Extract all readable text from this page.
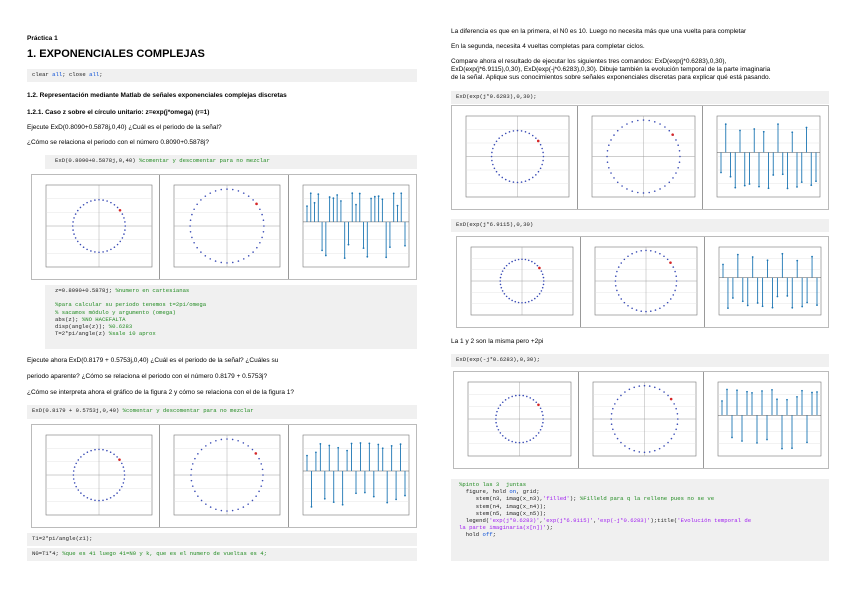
Práctica 1
1. EXPONENCIALES COMPLEJAS
clear all; close all;
1.2. Representación mediante Matlab de señales exponenciales complejas discretas
1.2.1. Caso z sobre el círculo unitario: z=exp(j*omega) (r=1)
Ejecute ExD(0.8090+0.5878j,0,40) ¿Cuál es el periodo de la señal?
¿Cómo se relaciona el periodo con el número 0.8090+0.5878j?
ExD(0.8090+0.5878j,0,40) %comentar y descomentar para no mezclar
z=0.8090+0.5878j; %numero en cartesianas

%para calcular su periodo tenemos t=2pi/omega
% sacamos módulo y argumento (omega)
abs(z); %NO HACEFALTA
disp(angle(z)); %0.6283
T=2*pi/angle(z) %sale 10 aprox
Ejecute ahora ExD(0.8179 + 0.5753j,0,40) ¿Cuál es el periodo de la señal? ¿Cuáles su
periodo aparente? ¿Cómo se relaciona el periodo con el número 0.8179 + 0.5753j?
¿Cómo se interpreta ahora el gráfico de la figura 2 y cómo se relaciona con el de la figura 1?
ExD(0.8179 + 0.5753j,0,40) %comentar y descomentar para no mezclar
T1=2*pi/angle(z1);
N0=T1*4; %que es 41 luego 41=N0 y k, que es el numero de vueltas es 4;
La diferencia es que en la primera, el N0 es 10. Luego no necesita más que una vuelta para completar
En la segunda, necesita 4 vueltas completas para completar ciclos.
Compare ahora el resultado de ejecutar los siguientes tres comandos: ExD(exp(j*0.6283),0,30),
ExD(exp(j*6.9115),0,30), ExD(exp(-j*0.6283),0,30). Dibuje también la evolución temporal de la parte imaginaria
de la señal. Aplique sus conocimientos sobre señales exponenciales discretas para explicar qué está pasando.
ExD(exp(j*0.6283),0,30);
ExD(exp(j*6.9115),0,30)
La 1 y 2 son la misma pero +2pi
ExD(exp(-j*0.6283),0,30);
%pinto las 3  juntas
figure, hold on, grid;
stem(n3, imag(x_n3),'filled'); %Filleld para q la rellene pues no se ve
stem(n4, imag(x_n4));
stem(n5, imag(x_n5));
legend('exp(j*0.6283)','exp(j*6.9115)','exp(-j*0.6283)');title('Evolución temporal de
la parte imaginaria(x[n])');
hold off;
